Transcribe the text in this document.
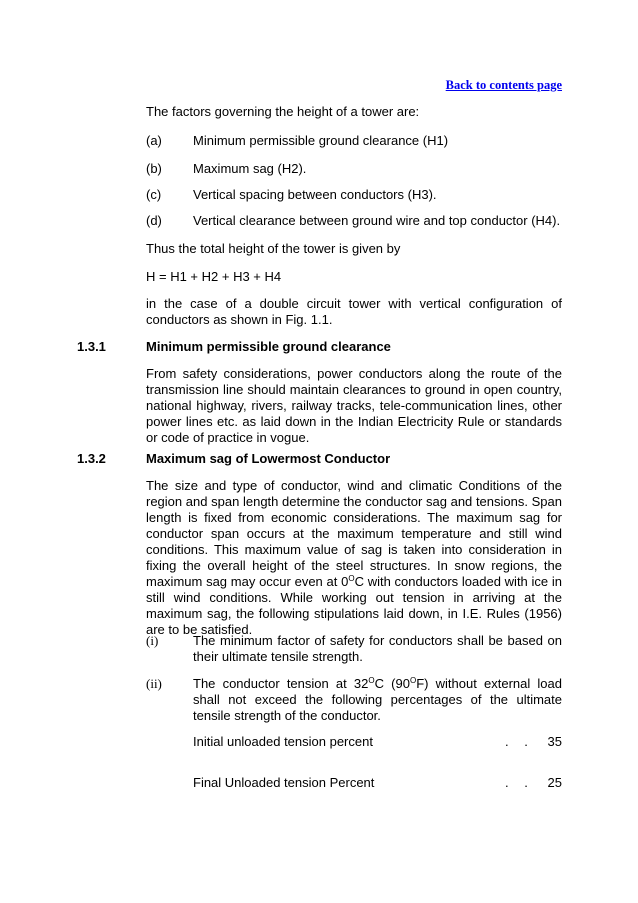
Back to contents page
The factors governing the height of a tower are:
(a) Minimum permissible ground clearance (H1)
(b) Maximum sag (H2).
(c) Vertical spacing between conductors (H3).
(d) Vertical clearance between ground wire and top conductor (H4).
Thus the total height of the tower is given by
H = H1 + H2 + H3 + H4
in the case of a double circuit tower with vertical configuration of conductors as shown in Fig. 1.1.
1.3.1	Minimum permissible ground clearance
From safety considerations, power conductors along the route of the transmission line should maintain clearances to ground in open country, national highway, rivers, railway tracks, tele-communication lines, other power lines etc. as laid down in the Indian Electricity Rule or standards or code of practice in vogue.
1.3.2	Maximum sag of Lowermost Conductor
The size and type of conductor, wind and climatic Conditions of the region and span length determine the conductor sag and tensions. Span length is fixed from economic considerations. The maximum sag for conductor span occurs at the maximum temperature and still wind conditions. This maximum value of sag is taken into consideration in fixing the overall height of the steel structures. In snow regions, the maximum sag may occur even at $0^OC$ with conductors loaded with ice in still wind conditions. While working out tension in arriving at the maximum sag, the following stipulations laid down, in I.E. Rules (1956) are to be satisfied.
(i)	The minimum factor of safety for conductors shall be based on their ultimate tensile strength.
(ii) The conductor tension at $32^OC$ $(90^OF)$ without external load shall not exceed the following percentages of the ultimate tensile strength of the conductor.
Initial unloaded tension percent	. .	35
Final Unloaded tension Percent	. .	25
